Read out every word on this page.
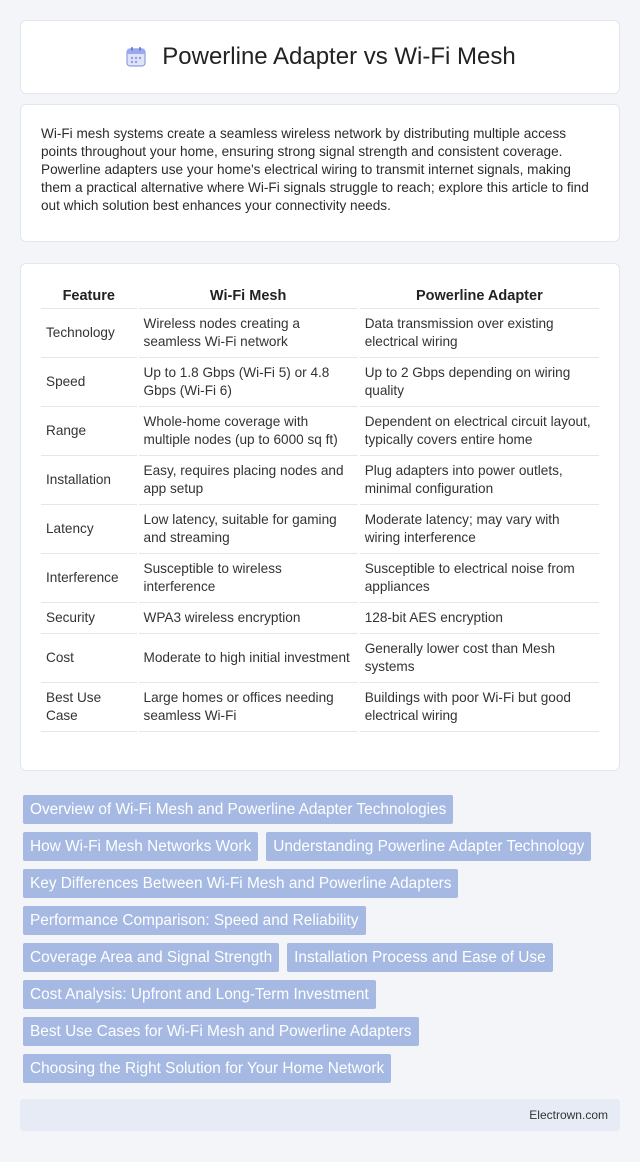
Powerline Adapter vs Wi-Fi Mesh

Wi-Fi mesh systems create a seamless wireless network by distributing multiple access points throughout your home, ensuring strong signal strength and consistent coverage. Powerline adapters use your home's electrical wiring to transmit internet signals, making them a practical alternative where Wi-Fi signals struggle to reach; explore this article to find out which solution best enhances your connectivity needs.

Feature	Wi-Fi Mesh	Powerline Adapter
Technology	Wireless nodes creating a seamless Wi-Fi network	Data transmission over existing electrical wiring
Speed	Up to 1.8 Gbps (Wi-Fi 5) or 4.8 Gbps (Wi-Fi 6)	Up to 2 Gbps depending on wiring quality
Range	Whole-home coverage with multiple nodes (up to 6000 sq ft)	Dependent on electrical circuit layout, typically covers entire home
Installation	Easy, requires placing nodes and app setup	Plug adapters into power outlets, minimal configuration
Latency	Low latency, suitable for gaming and streaming	Moderate latency; may vary with wiring interference
Interference	Susceptible to wireless interference	Susceptible to electrical noise from appliances
Security	WPA3 wireless encryption	128-bit AES encryption
Cost	Moderate to high initial investment	Generally lower cost than Mesh systems
Best Use Case	Large homes or offices needing seamless Wi-Fi	Buildings with poor Wi-Fi but good electrical wiring
Overview of Wi-Fi Mesh and Powerline Adapter Technologies
How Wi-Fi Mesh Networks Work	Understanding Powerline Adapter Technology
Key Differences Between Wi-Fi Mesh and Powerline Adapters
Performance Comparison: Speed and Reliability
Coverage Area and Signal Strength	Installation Process and Ease of Use
Cost Analysis: Upfront and Long-Term Investment
Best Use Cases for Wi-Fi Mesh and Powerline Adapters
Choosing the Right Solution for Your Home Network
Electrown.com
